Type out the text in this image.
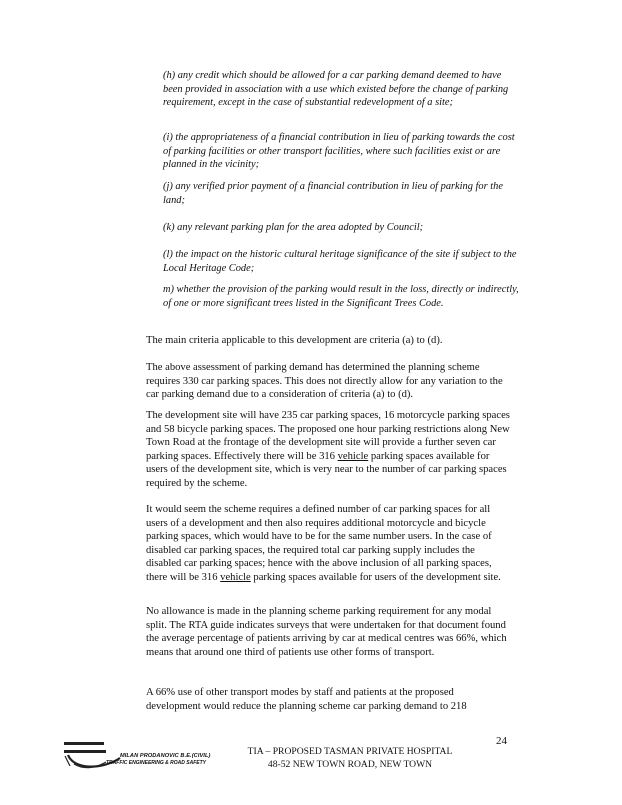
(h) any credit which should be allowed for a car parking demand deemed to have been provided in association with a use which existed before the change of parking requirement, except in the case of substantial redevelopment of a site;

(i) the appropriateness of a financial contribution in lieu of parking towards the cost of parking facilities or other transport facilities, where such facilities exist or are planned in the vicinity;

(j) any verified prior payment of a financial contribution in lieu of parking for the land;

(k) any relevant parking plan for the area adopted by Council;

(l) the impact on the historic cultural heritage significance of the site if subject to the Local Heritage Code;

m) whether the provision of the parking would result in the loss, directly or indirectly, of one or more significant trees listed in the Significant Trees Code.

The main criteria applicable to this development are criteria (a) to (d).

The above assessment of parking demand has determined the planning scheme requires 330 car parking spaces. This does not directly allow for any variation to the car parking demand due to a consideration of criteria (a) to (d).

The development site will have 235 car parking spaces, 16 motorcycle parking spaces and 58 bicycle parking spaces. The proposed one hour parking restrictions along New Town Road at the frontage of the development site will provide a further seven car parking spaces. Effectively there will be 316 vehicle parking spaces available for users of the development site, which is very near to the number of car parking spaces required by the scheme.

It would seem the scheme requires a defined number of car parking spaces for all users of a development and then also requires additional motorcycle and bicycle parking spaces, which would have to be for the same number users. In the case of disabled car parking spaces, the required total car parking supply includes the disabled car parking spaces; hence with the above inclusion of all parking spaces, there will be 316 vehicle parking spaces available for users of the development site.

No allowance is made in the planning scheme parking requirement for any modal split. The RTA guide indicates surveys that were undertaken for that document found the average percentage of patients arriving by car at medical centres was 66%, which means that around one third of patients use other forms of transport.

A 66% use of other transport modes by staff and patients at the proposed development would reduce the planning scheme car parking demand to 218

24
MILAN PRODANOVIC B.E.(CIVIL)
TRAFFIC ENGINEERING & ROAD SAFETY
TIA – PROPOSED TASMAN PRIVATE HOSPITAL
48-52 NEW TOWN ROAD, NEW TOWN
